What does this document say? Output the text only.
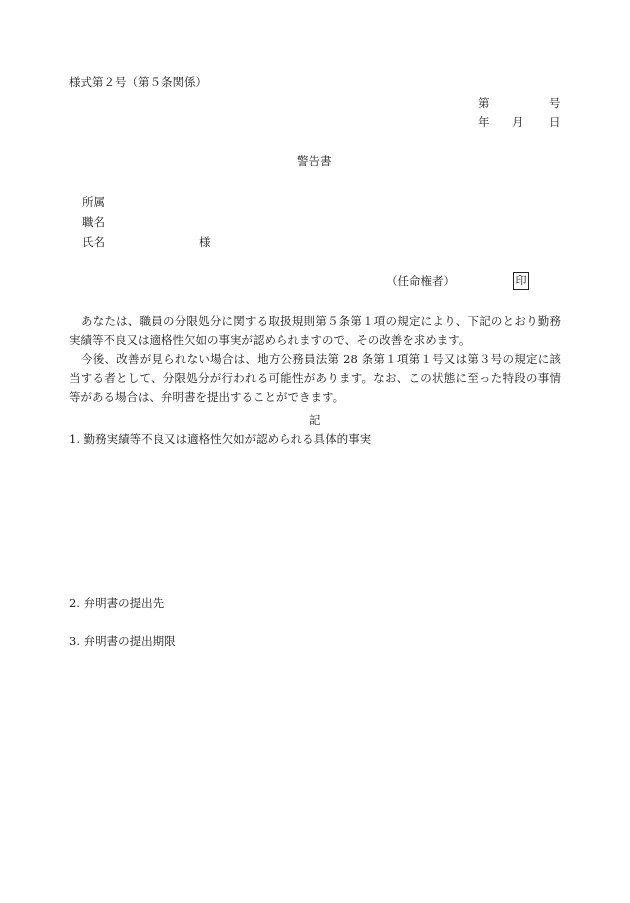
様式第２号（第５条関係）
第	号
年 月 日
警告書
所属
職名
氏名	様
（任命権者）	印
あなたは、職員の分限処分に関する取扱規則第５条第１項の規定により、下記のとおり勤務実績等不良又は適格性欠如の事実が認められますので、その改善を求めます。
今後、改善が見られない場合は、地方公務員法第 28 条第１項第１号又は第３号の規定に該当する者として、分限処分が行われる可能性があります。なお、この状態に至った特段の事情等がある場合は、弁明書を提出することができます。
記
1. 勤務実績等不良又は適格性欠如が認められる具体的事実
2. 弁明書の提出先
3. 弁明書の提出期限
